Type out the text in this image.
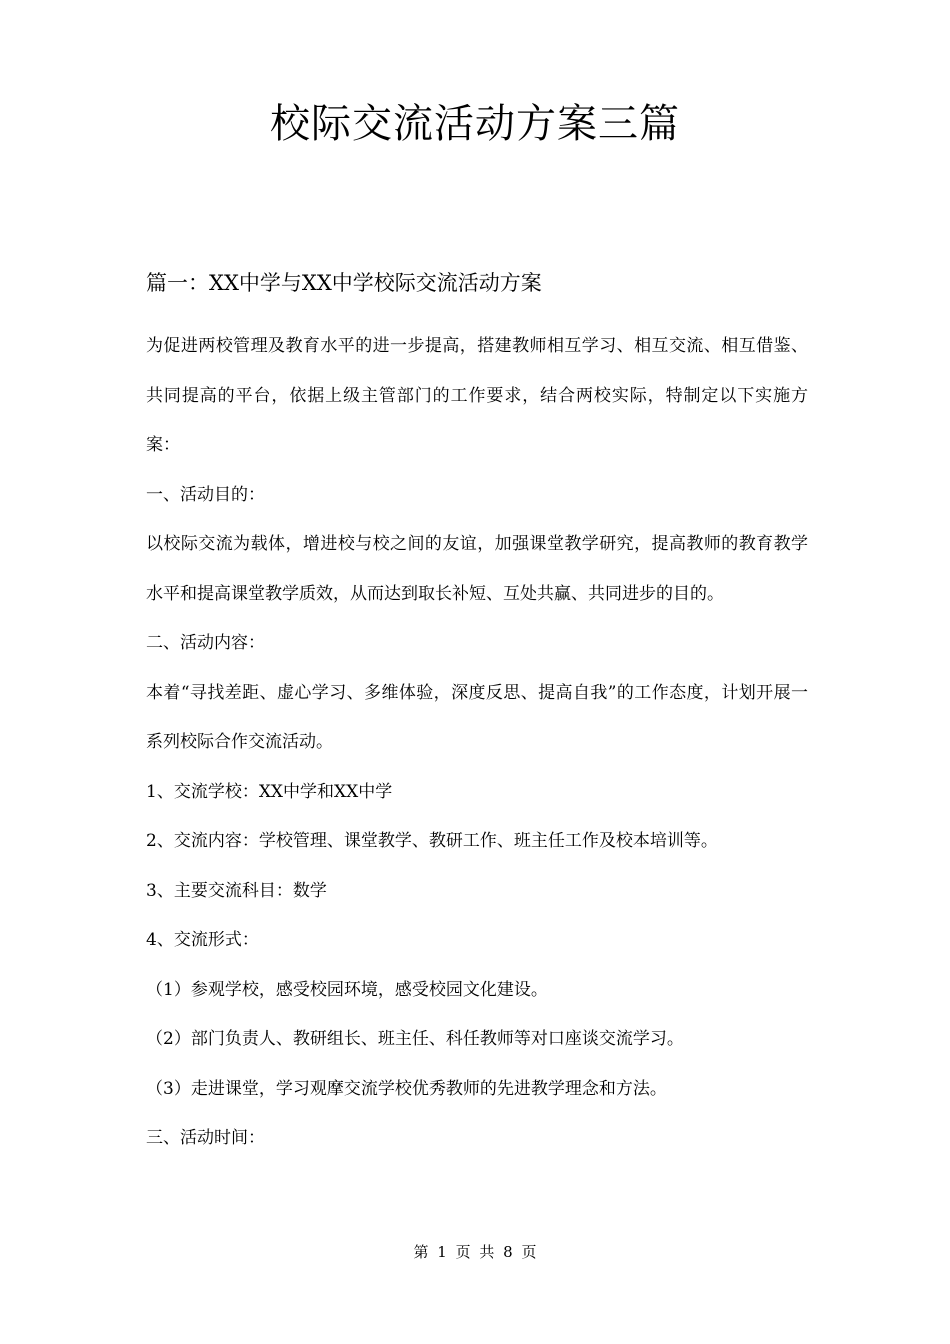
校际交流活动方案三篇
篇一：XX中学与XX中学校际交流活动方案

为促进两校管理及教育水平的进一步提高，搭建教师相互学习、相互交流、相互借鉴、共同提高的平台，依据上级主管部门的工作要求，结合两校实际，特制定以下实施方案：

一、活动目的：

以校际交流为载体，增进校与校之间的友谊，加强课堂教学研究，提高教师的教育教学水平和提高课堂教学质效，从而达到取长补短、互处共赢、共同进步的目的。

二、活动内容：

本着“寻找差距、虚心学习、多维体验，深度反思、提高自我”的工作态度，计划开展一系列校际合作交流活动。

1、交流学校：XX中学和XX中学

2、交流内容：学校管理、课堂教学、教研工作、班主任工作及校本培训等。

3、主要交流科目：数学

4、交流形式：

（1）参观学校，感受校园环境，感受校园文化建设。

（2）部门负责人、教研组长、班主任、科任教师等对口座谈交流学习。

（3）走进课堂，学习观摩交流学校优秀教师的先进教学理念和方法。

三、活动时间：

第 1 页 共 8 页
